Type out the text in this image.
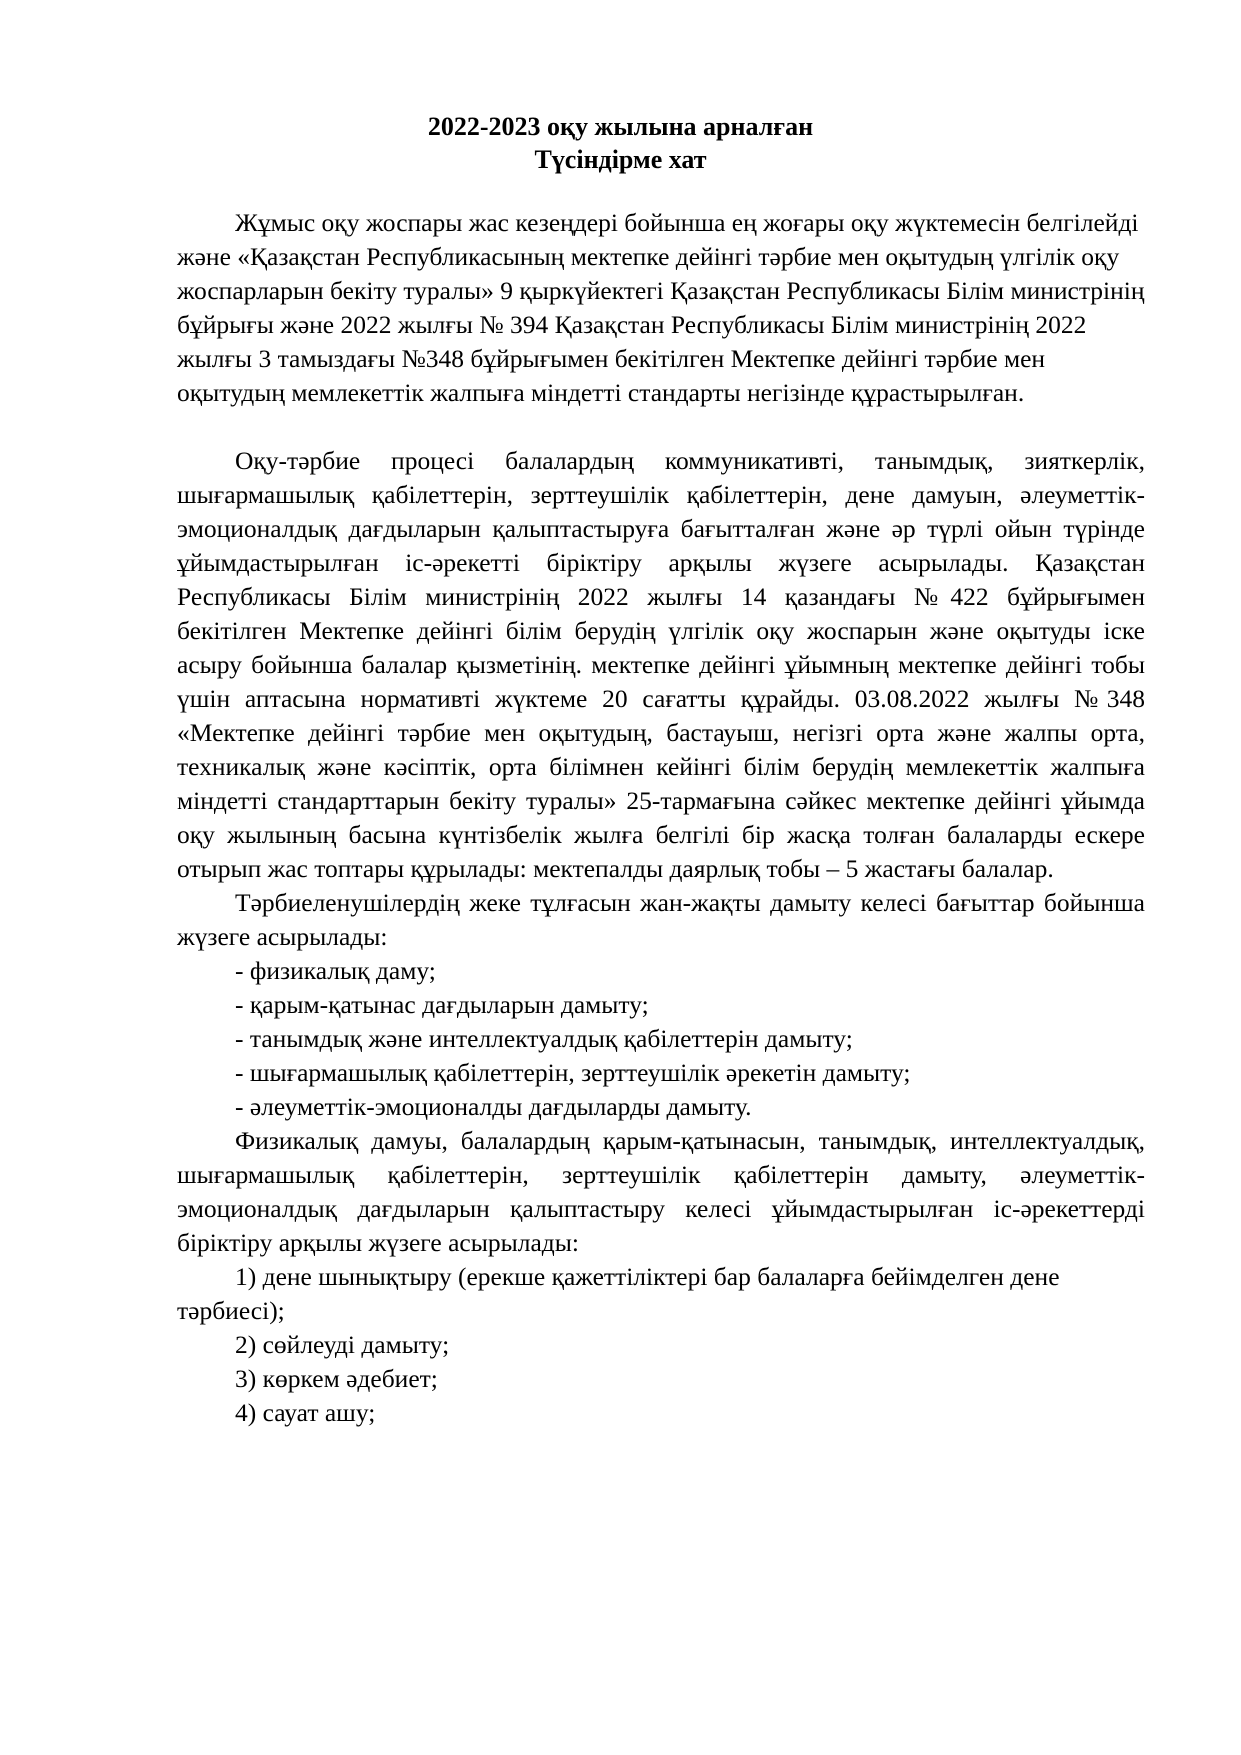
2022-2023 оқу жылына арналған
Түсіндірме хат

Жұмыс оқу жоспары жас кезеңдері бойынша ең жоғары оқу жүктемесін белгілейді және «Қазақстан Республикасының мектепке дейінгі тәрбие мен оқытудың үлгілік оқу жоспарларын бекіту туралы» 9 қыркүйектегі Қазақстан Республикасы Білім министрінің бұйрығы және 2022 жылғы № 394 Қазақстан Республикасы Білім министрінің 2022 жылғы 3 тамыздағы №348 бұйрығымен бекітілген Мектепке дейінгі тәрбие мен оқытудың мемлекеттік жалпыға міндетті стандарты негізінде құрастырылған.

Оқу-тәрбие процесі балалардың коммуникативті, танымдық, зияткерлік, шығармашылық қабілеттерін, зерттеушілік қабілеттерін, дене дамуын, әлеуметтік-эмоционалдық дағдыларын қалыптастыруға бағытталған және әр түрлі ойын түрінде ұйымдастырылған іс-әрекетті біріктіру арқылы жүзеге асырылады. Қазақстан Республикасы Білім министрінің 2022 жылғы 14 қазандағы №422 бұйрығымен бекітілген Мектепке дейінгі білім берудің үлгілік оқу жоспарын және оқытуды іске асыру бойынша балалар қызметінің. мектепке дейінгі ұйымның мектепке дейінгі тобы үшін аптасына нормативті жүктеме 20 сағатты құрайды. 03.08.2022 жылғы №348 «Мектепке дейінгі тәрбие мен оқытудың, бастауыш, негізгі орта және жалпы орта, техникалық және кәсіптік, орта білімнен кейінгі білім берудің мемлекеттік жалпыға міндетті стандарттарын бекіту туралы» 25-тармағына сәйкес мектепке дейінгі ұйымда оқу жылының басына күнтізбелік жылға белгілі бір жасқа толған балаларды ескере отырып жас топтары құрылады: мектепалды даярлық тобы – 5 жастағы балалар.

Тәрбиеленушілердің жеке тұлғасын жан-жақты дамыту келесі бағыттар бойынша жүзеге асырылады:

- физикалық даму;

- қарым-қатынас дағдыларын дамыту;

- танымдық және интеллектуалдық қабілеттерін дамыту;

- шығармашылық қабілеттерін, зерттеушілік әрекетін дамыту;

- әлеуметтік-эмоционалды дағдыларды дамыту.

Физикалық дамуы, балалардың қарым-қатынасын, танымдық, интеллектуалдық, шығармашылық қабілеттерін, зерттеушілік қабілеттерін дамыту, әлеуметтік-эмоционалдық дағдыларын қалыптастыру келесі ұйымдастырылған іс-әрекеттерді біріктіру арқылы жүзеге асырылады:

1) дене шынықтыру (ерекше қажеттіліктері бар балаларға бейімделген дене тәрбиесі);

2) сөйлеуді дамыту;

3) көркем әдебиет;

4) сауат ашу;
